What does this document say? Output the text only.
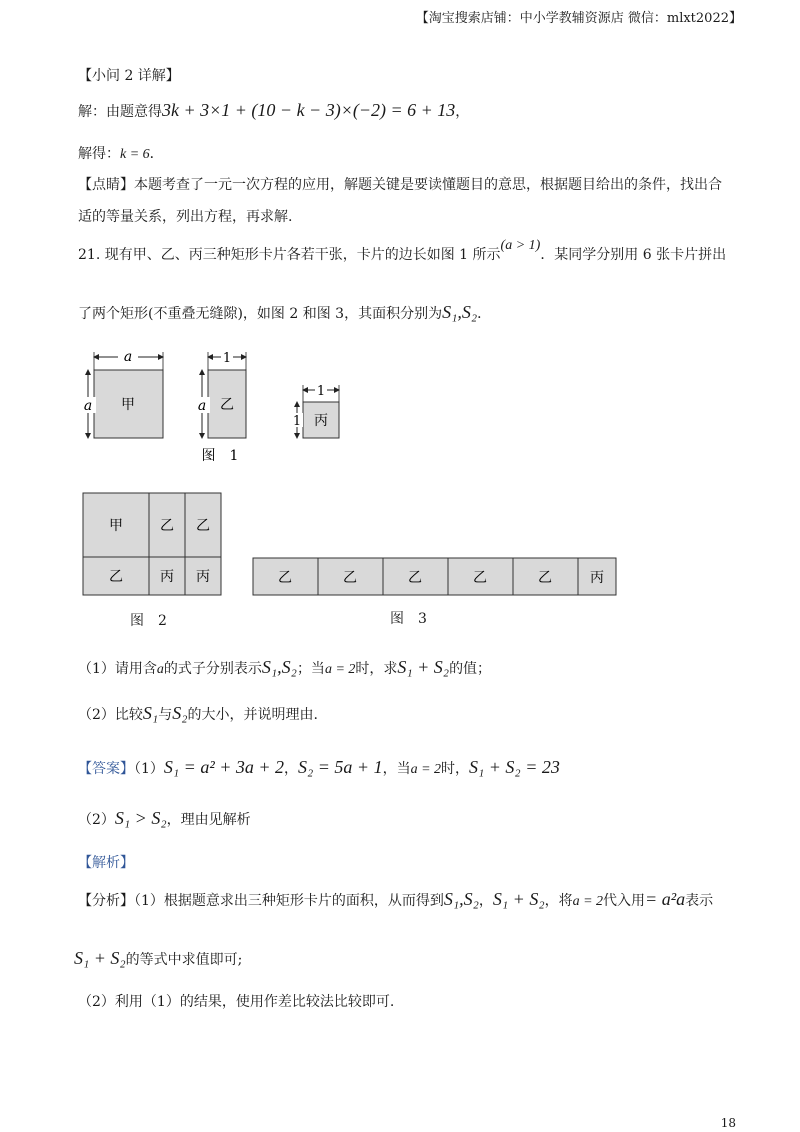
【淘宝搜索店铺：中小学教辅资源店 微信：mlxt2022】
【小问 2 详解】
解：由题意得3k + 3×1 + (10 − k − 3)×(−2) = 6 + 13，
解得：k = 6．
【点睛】本题考查了一元一次方程的应用，解题关键是要读懂题目的意思，根据题目给出的条件，找出合
适的等量关系，列出方程，再求解.
21. 现有甲、乙、丙三种矩形卡片各若干张，卡片的边长如图 1 所示(a > 1)．某同学分别用 6 张卡片拼出
了两个矩形(不重叠无缝隙)，如图 2 和图 3，其面积分别为S₁,S₂．
a
a 甲
1
a 乙
1
1 丙
图　1
甲	乙 乙
乙	丙 丙
图　2
乙	乙	乙	乙	乙	丙
图　3
（1）请用含a的式子分别表示S₁,S₂；当a = 2时，求S₁ + S₂的值；
（2）比较S₁与S₂的大小，并说明理由.
【答案】（1）S₁ = a² + 3a + 2，S₂ = 5a + 1，当a = 2时，S₁ + S₂ = 23
（2）S₁ > S₂，理由见解析
【解析】
【分析】（1）根据题意求出三种矩形卡片的面积，从而得到S₁,S₂，S₁ + S₂，将a = 2代入用= a²a表示
S₁ + S₂的等式中求值即可;
（2）利用（1）的结果，使用作差比较法比较即可.
18
